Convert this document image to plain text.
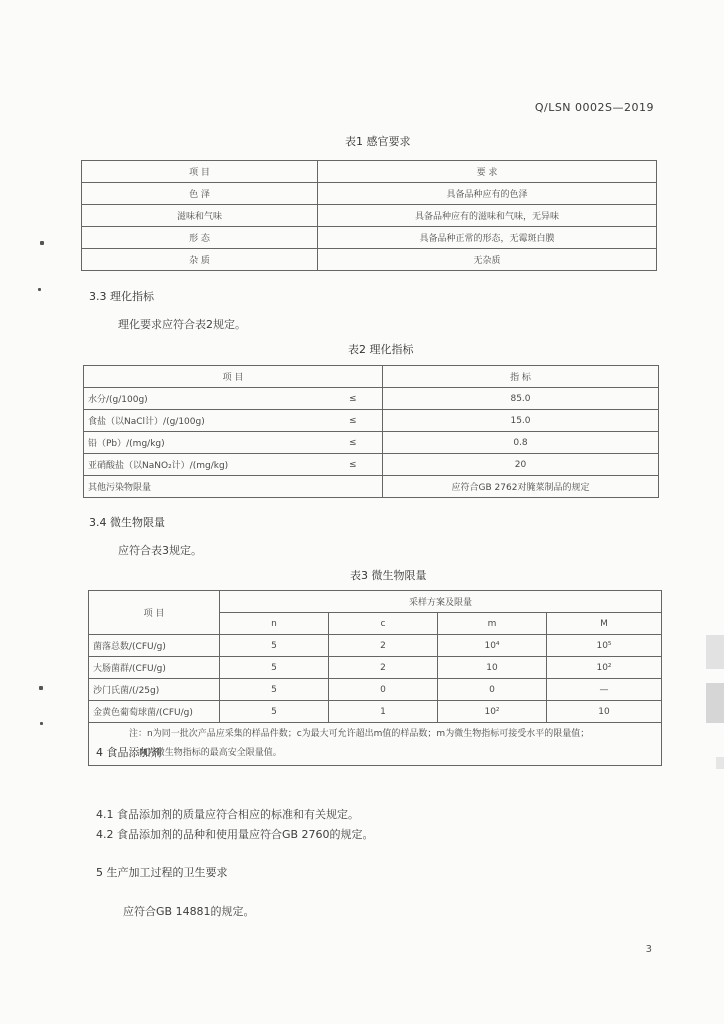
Q/LSN 0002S—2019
表1 感官要求
项 目	要 求
色 泽	具备品种应有的色泽
滋味和气味	具备品种应有的滋味和气味，无异味
形 态	具备品种正常的形态，无霉斑白膜
杂 质	无杂质
3.3 理化指标
理化要求应符合表2规定。
表2 理化指标
项 目		指 标
水分/(g/100g)	≤	85.0
食盐（以NaCl计）/(g/100g)	≤	15.0
铅（Pb）/(mg/kg)	≤	0.8
亚硝酸盐（以NaNO₂计）/(mg/kg)	≤	20
其他污染物限量		应符合GB 2762对腌菜制品的规定
3.4 微生物限量
应符合表3规定。
表3 微生物限量
项 目	采样方案及限量			
	n	c	m	M
菌落总数/(CFU/g)	5	2	10⁴	10⁵
大肠菌群/(CFU/g)	5	2	10	10²
沙门氏菌/(/25g)	5	0	0	—
金黄色葡萄球菌/(CFU/g)	5	1	10²	10

注：n为同一批次产品应采集的样品件数；c为最大可允许超出m值的样品数；m为微生物指标可接受水平的限量值；
M为微生物指标的最高安全限量值。				
4 食品添加剂
4.1 食品添加剂的质量应符合相应的标准和有关规定。
4.2 食品添加剂的品种和使用量应符合GB 2760的规定。
5 生产加工过程的卫生要求
应符合GB 14881的规定。
3
